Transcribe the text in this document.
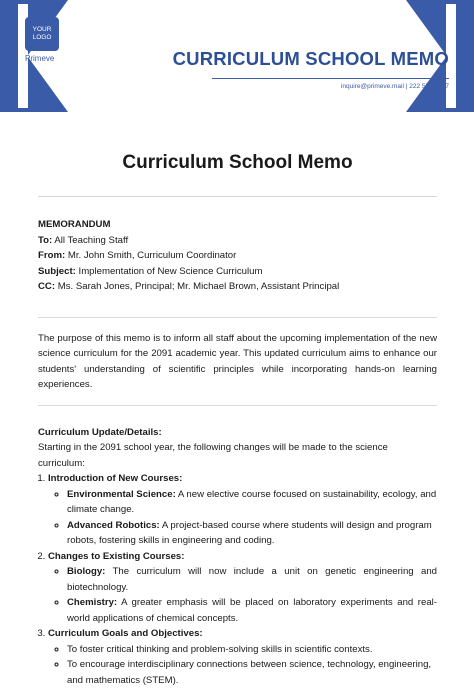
YOUR LOGO
Primeve	CURRICULUM SCHOOL MEMO
inquire@primeve.mail | 222 555 7777
Curriculum School Memo

MEMORANDUM

To: All Teaching Staff

From: Mr. John Smith, Curriculum Coordinator

Subject: Implementation of New Science Curriculum

CC: Ms. Sarah Jones, Principal; Mr. Michael Brown, Assistant Principal

The purpose of this memo is to inform all staff about the upcoming implementation of the new science curriculum for the 2091 academic year. This updated curriculum aims to enhance our students' understanding of scientific principles while incorporating hands-on learning experiences.

Curriculum Update/Details:

Starting in the 2091 school year, the following changes will be made to the science curriculum:

1. Introduction of New Courses:
◦ Environmental Science: A new elective course focused on sustainability, ecology, and climate change.
◦ Advanced Robotics: A project-based course where students will design and program robots, fostering skills in engineering and coding.
2. Changes to Existing Courses:
◦ Biology: The curriculum will now include a unit on genetic engineering and biotechnology.
◦ Chemistry: A greater emphasis will be placed on laboratory experiments and real-world applications of chemical concepts.
3. Curriculum Goals and Objectives:
◦ To foster critical thinking and problem-solving skills in scientific contexts.
◦ To encourage interdisciplinary connections between science, technology, engineering, and mathematics (STEM).
